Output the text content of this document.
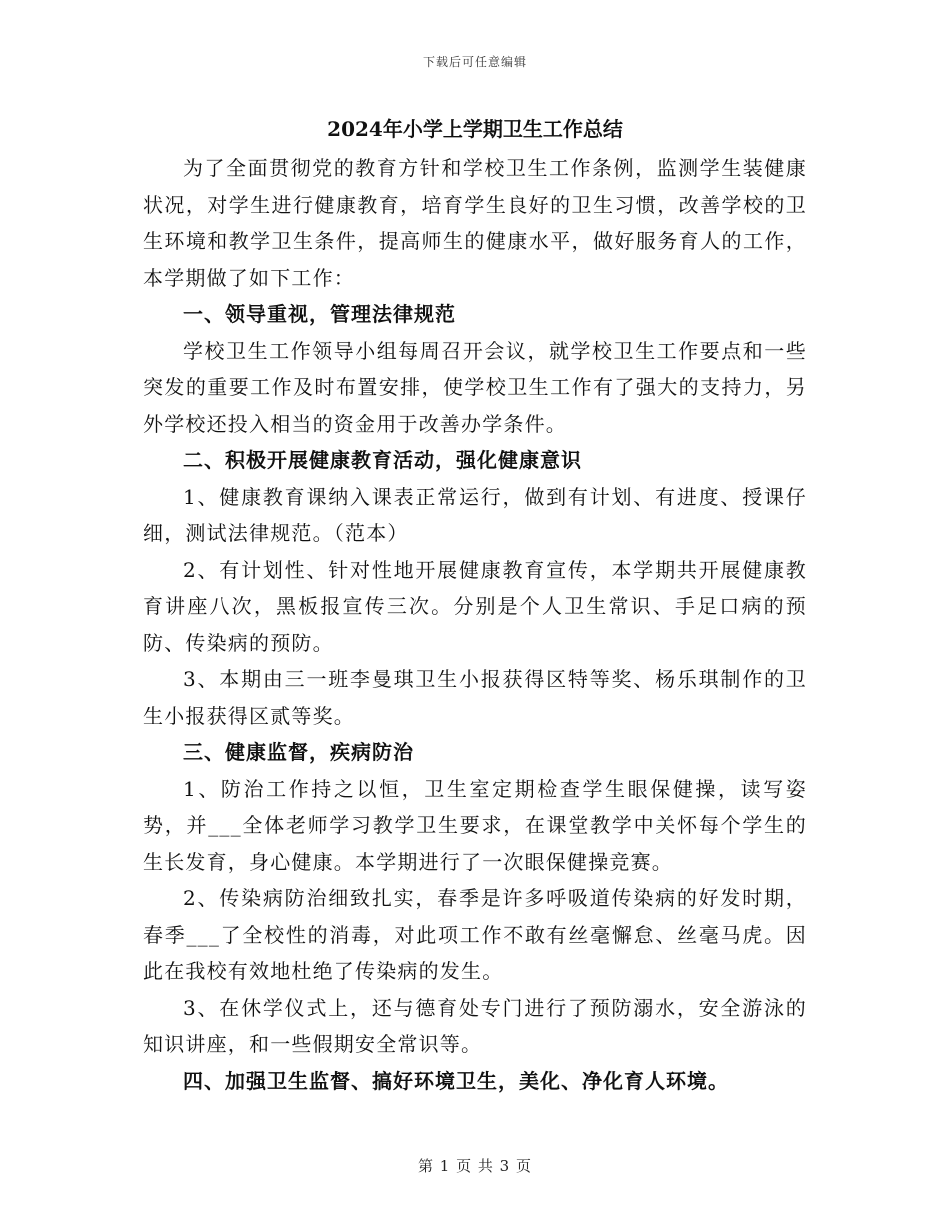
下载后可任意编辑
2024年小学上学期卫生工作总结

为了全面贯彻党的教育方针和学校卫生工作条例，监测学生装健康状况，对学生进行健康教育，培育学生良好的卫生习惯，改善学校的卫生环境和教学卫生条件，提高师生的健康水平，做好服务育人的工作，本学期做了如下工作：

一、领导重视，管理法律规范

学校卫生工作领导小组每周召开会议，就学校卫生工作要点和一些突发的重要工作及时布置安排，使学校卫生工作有了强大的支持力，另外学校还投入相当的资金用于改善办学条件。

二、积极开展健康教育活动，强化健康意识

1、健康教育课纳入课表正常运行，做到有计划、有进度、授课仔细，测试法律规范。（范本）

2、有计划性、针对性地开展健康教育宣传，本学期共开展健康教育讲座八次，黑板报宣传三次。分别是个人卫生常识、手足口病的预防、传染病的预防。

3、本期由三一班李曼琪卫生小报获得区特等奖、杨乐琪制作的卫生小报获得区贰等奖。

三、健康监督，疾病防治

1、防治工作持之以恒，卫生室定期检查学生眼保健操，读写姿势，并___全体老师学习教学卫生要求，在课堂教学中关怀每个学生的生长发育，身心健康。本学期进行了一次眼保健操竞赛。

2、传染病防治细致扎实，春季是许多呼吸道传染病的好发时期，春季___了全校性的消毒，对此项工作不敢有丝毫懈怠、丝毫马虎。因此在我校有效地杜绝了传染病的发生。

3、在休学仪式上，还与德育处专门进行了预防溺水，安全游泳的知识讲座，和一些假期安全常识等。

四、加强卫生监督、搞好环境卫生，美化、净化育人环境。

第 1 页 共 3 页
